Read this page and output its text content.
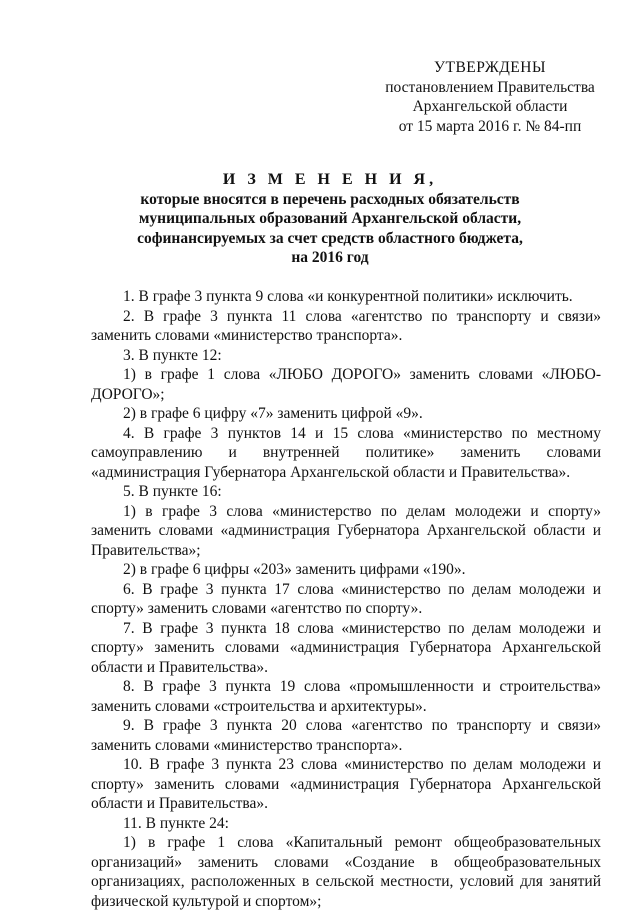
УТВЕРЖДЕНЫ
постановлением Правительства
Архангельской области
от 15 марта 2016 г. № 84-пп
И З М Е Н Е Н И Я,
которые вносятся в перечень расходных обязательств
муниципальных образований Архангельской области,
софинансируемых за счет средств областного бюджета,
на 2016 год

1. В графе 3 пункта 9 слова «и конкурентной политики» исключить.

2. В графе 3 пункта 11 слова «агентство по транспорту и связи» заменить словами «министерство транспорта».

3. В пункте 12:

1) в графе 1 слова «ЛЮБО ДОРОГО» заменить словами «ЛЮБО-ДОРОГО»;

2) в графе 6 цифру «7» заменить цифрой «9».

4. В графе 3 пунктов 14 и 15 слова «министерство по местному самоуправлению и внутренней политике» заменить словами «администрация Губернатора Архангельской области и Правительства».

5. В пункте 16:

1) в графе 3 слова «министерство по делам молодежи и спорту» заменить словами «администрация Губернатора Архангельской области и Правительства»;

2) в графе 6 цифры «203» заменить цифрами «190».

6. В графе 3 пункта 17 слова «министерство по делам молодежи и спорту» заменить словами «агентство по спорту».

7. В графе 3 пункта 18 слова «министерство по делам молодежи и спорту» заменить словами «администрация Губернатора Архангельской области и Правительства».

8. В графе 3 пункта 19 слова «промышленности и строительства» заменить словами «строительства и архитектуры».

9. В графе 3 пункта 20 слова «агентство по транспорту и связи» заменить словами «министерство транспорта».

10. В графе 3 пункта 23 слова «министерство по делам молодежи и спорту» заменить словами «администрация Губернатора Архангельской области и Правительства».

11. В пункте 24:

1) в графе 1 слова «Капитальный ремонт общеобразовательных организаций» заменить словами «Создание в общеобразовательных организациях, расположенных в сельской местности, условий для занятий физической культурой и спортом»;
